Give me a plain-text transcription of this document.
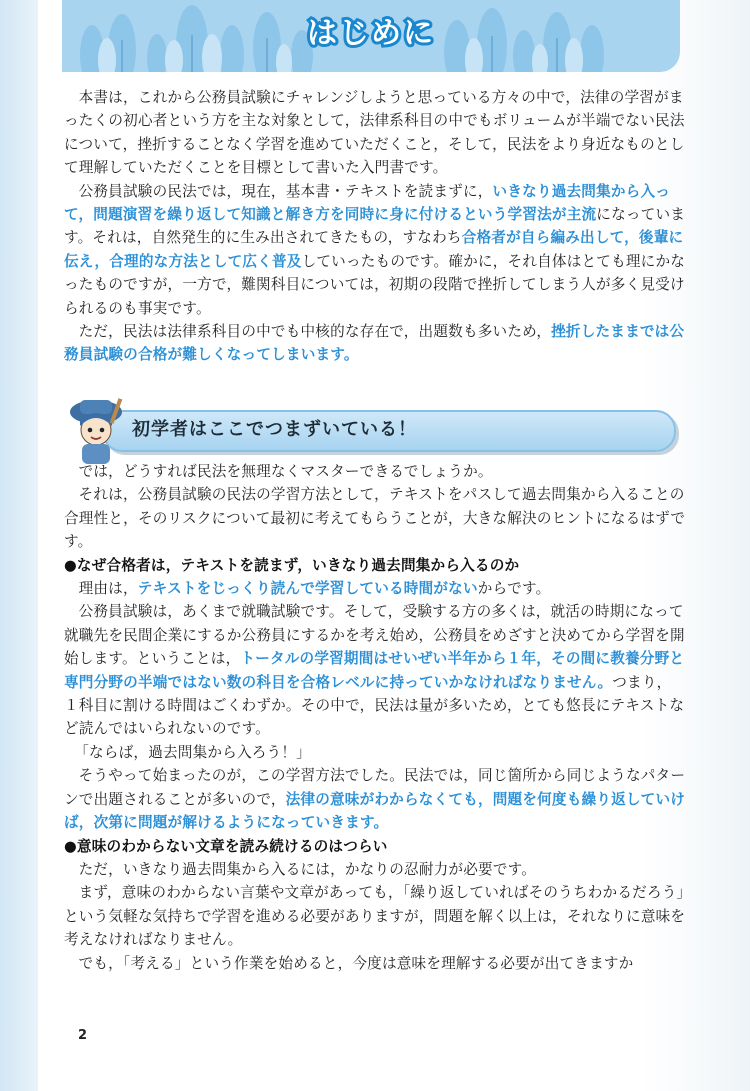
はじめに

本書は，これから公務員試験にチャレンジしようと思っている方々の中で，法律の学習がまったくの初心者という方を主な対象として，法律系科目の中でもボリュームが半端でない民法について，挫折することなく学習を進めていただくこと，そして，民法をより身近なものとして理解していただくことを目標として書いた入門書です。

公務員試験の民法では，現在，基本書・テキストを読まずに，いきなり過去問集から入って，問題演習を繰り返して知識と解き方を同時に身に付けるという学習法が主流になっています。それは，自然発生的に生み出されてきたもの，すなわち合格者が自ら編み出して，後輩に伝え，合理的な方法として広く普及していったものです。確かに，それ自体はとても理にかなったものですが，一方で，難関科目については，初期の段階で挫折してしまう人が多く見受けられるのも事実です。

ただ，民法は法律系科目の中でも中核的な存在で，出題数も多いため，挫折したままでは公務員試験の合格が難しくなってしまいます。

初学者はここでつまずいている！

では，どうすれば民法を無理なくマスターできるでしょうか。

それは，公務員試験の民法の学習方法として，テキストをパスして過去問集から入ることの合理性と，そのリスクについて最初に考えてもらうことが，大きな解決のヒントになるはずです。

●なぜ合格者は，テキストを読まず，いきなり過去問集から入るのか

理由は，テキストをじっくり読んで学習している時間がないからです。

公務員試験は，あくまで就職試験です。そして，受験する方の多くは，就活の時期になって就職先を民間企業にするか公務員にするかを考え始め，公務員をめざすと決めてから学習を開始します。ということは，トータルの学習期間はせいぜい半年から１年，その間に教養分野と専門分野の半端ではない数の科目を合格レベルに持っていかなければなりません。つまり，１科目に割ける時間はごくわずか。その中で，民法は量が多いため，とても悠長にテキストなど読んではいられないのです。

「ならば，過去問集から入ろう！」

そうやって始まったのが，この学習方法でした。民法では，同じ箇所から同じようなパターンで出題されることが多いので，法律の意味がわからなくても，問題を何度も繰り返していけば，次第に問題が解けるようになっていきます。

●意味のわからない文章を読み続けるのはつらい

ただ，いきなり過去問集から入るには，かなりの忍耐力が必要です。

まず，意味のわからない言葉や文章があっても，「繰り返していればそのうちわかるだろう」という気軽な気持ちで学習を進める必要がありますが，問題を解く以上は，それなりに意味を考えなければなりません。

でも，「考える」という作業を始めると，今度は意味を理解する必要が出てきますか

2
